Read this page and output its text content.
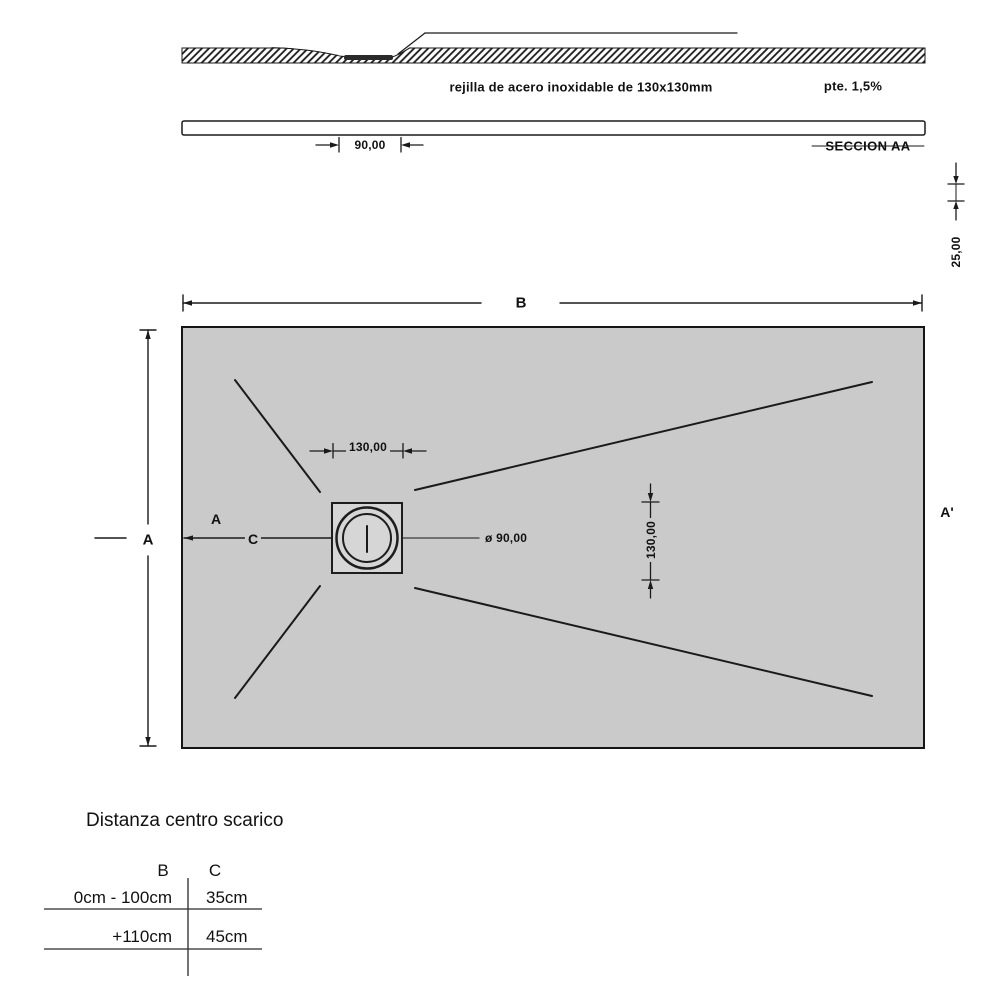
rejilla de acero inoxidable de 130x130mm	pte. 1,5%
SECCION AA
90,00
25,00
B
A
A
C
A'
130,00
130,00
ø 90,00
Distanza centro scarico
B C
0cm - 100cm 35cm
+110cm 45cm
